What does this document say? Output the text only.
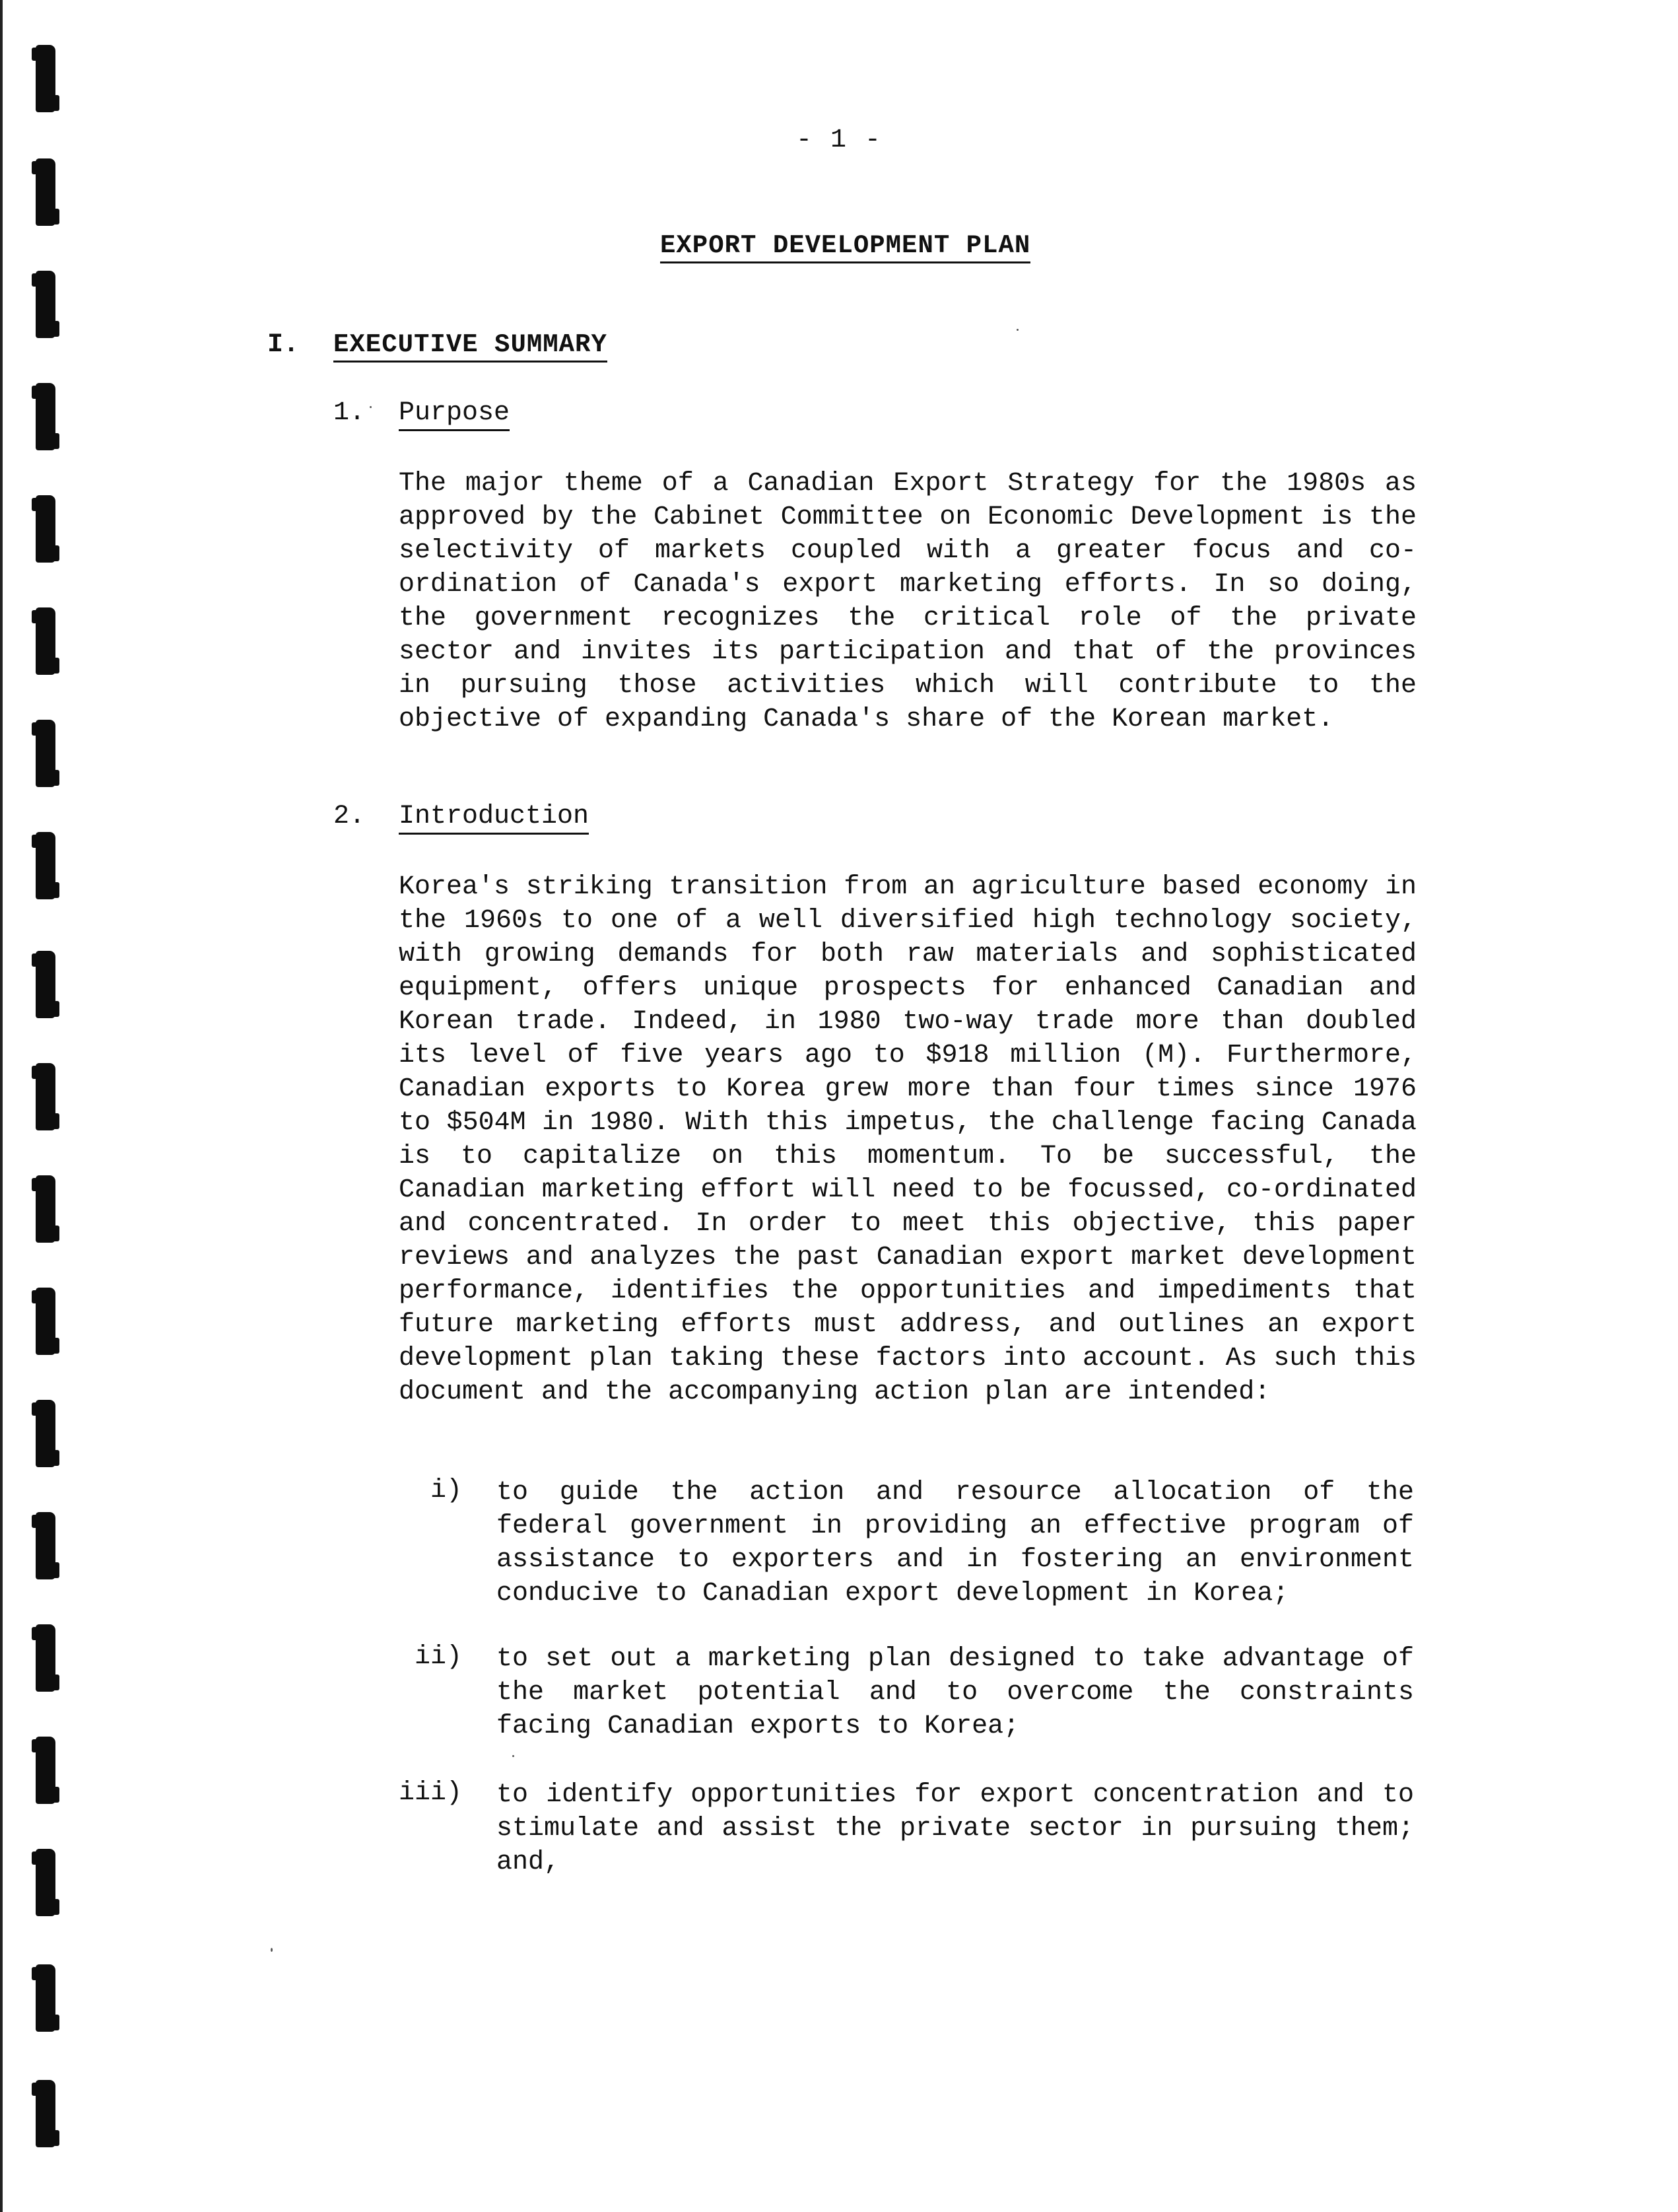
- 1 -
EXPORT DEVELOPMENT PLAN
I. EXECUTIVE SUMMARY
1. Purpose
The major theme of a Canadian Export Strategy for the 1980s as approved by the Cabinet Committee on Economic Development is the selectivity of markets coupled with a greater focus and co-ordination of Canada's export marketing efforts. In so doing, the government recognizes the critical role of the private sector and invites its participation and that of the provinces in pursuing those activities which will contribute to the objective of expanding Canada's share of the Korean market.
2. Introduction
Korea's striking transition from an agriculture based economy in the 1960s to one of a well diversified high technology society, with growing demands for both raw materials and sophisticated equipment, offers unique prospects for enhanced Canadian and Korean trade. Indeed, in 1980 two-way trade more than doubled its level of five years ago to $918 million (M). Furthermore, Canadian exports to Korea grew more than four times since 1976 to $504M in 1980. With this impetus, the challenge facing Canada is to capitalize on this momentum. To be successful, the Canadian marketing effort will need to be focussed, co-ordinated and concentrated. In order to meet this objective, this paper reviews and analyzes the past Canadian export market development performance, identifies the opportunities and impediments that future marketing efforts must address, and outlines an export development plan taking these factors into account. As such this document and the accompanying action plan are intended:
i) to guide the action and resource allocation of the federal government in providing an effective program of assistance to exporters and in fostering an environment conducive to Canadian export development in Korea;
ii) to set out a marketing plan designed to take advantage of the market potential and to overcome the constraints facing Canadian exports to Korea;
iii) to identify opportunities for export concentration and to stimulate and assist the private sector in pursuing them; and,
